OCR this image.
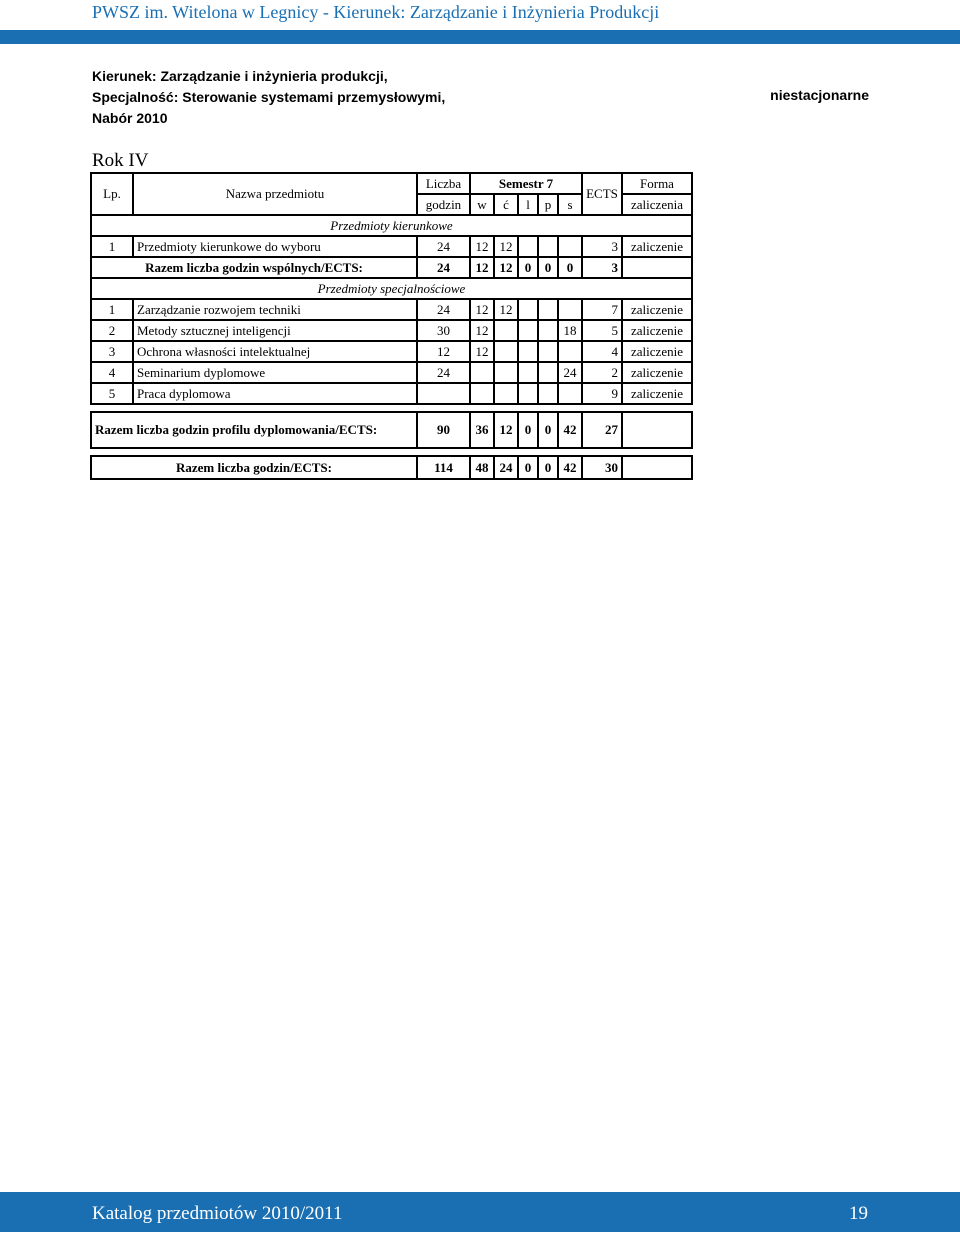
PWSZ im. Witelona w Legnicy - Kierunek: Zarządzanie i Inżynieria Produkcji
Kierunek: Zarządzanie i inżynieria produkcji,
Specjalność: Sterowanie systemami przemysłowymi,
Nabór 2010
niestacjonarne
Rok IV
Lp.	Nazwa przedmiotu	Liczba	Semestr 7					ECTS	Forma
		godzin	w	ć	l	p	s		zaliczenia
Przedmioty kierunkowe									
1	Przedmioty kierunkowe do wyboru	24	12	12				3	zaliczenie
Razem liczba godzin wspólnych/ECTS:		24	12	12	0	0	0	3	
Przedmioty specjalnościowe									
1	Zarządzanie rozwojem techniki	24	12	12				7	zaliczenie
2	Metody sztucznej inteligencji	30	12				18	5	zaliczenie
3	Ochrona własności intelektualnej	12	12					4	zaliczenie
4	Seminarium dyplomowe	24					24	2	zaliczenie
5	Praca dyplomowa							9	zaliczenie

Razem liczba godzin profilu dyplomowania/ECTS:		90	36	12	0	0	42	27	

Razem liczba godzin/ECTS:		114	48	24	0	0	42	30	
Katalog przedmiotów 2010/2011	19
